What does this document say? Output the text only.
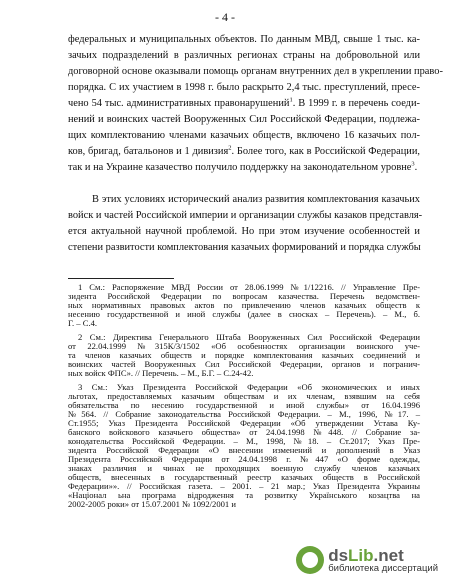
- 4 -
федеральных и муниципальных объектов. По данным МВД, свыше 1 тыс. ка-
зачьих подразделений в различных регионах страны на добровольной или
договорной основе оказывали помощь органам внутренних дел в укреплении право-
порядка. С их участием в 1998 г. было раскрыто 2,4 тыс. преступлений, пресе-
чено 54 тыс. административных правонарушений$^1$. В 1999 г. в перечень соеди-
нений и воинских частей Вооруженных Сил Российской Федерации, подлежа-
щих комплектованию членами казачьих обществ, включено 16 казачьих пол-
ков, бригад, батальонов и 1 дивизия$^2$. Более того, как в Российской Федерации,
так и на Украине казачество получило поддержку на законодательном уровне$^3$.
В этих условиях исторический анализ развития комплектования казачьих
войск и частей Российской империи и организации службы казаков представля-
ется актуальной научной проблемой. Но при этом изучение особенностей и
степени развитости комплектования казачьих формирований и порядка службы
1 См.: Распоряжение МВД России от 28.06.1999 №1/12216. // Управление Пре-
зидента Российской Федерации по вопросам казачества. Перечень ведомствен-
ных нормативных правовых актов по привлечению членов казачьих обществ к
несению государственной и иной службы (далее в сносках – Перечень). – М., б.
Г. – С.4.
2 См.: Директива Генерального Штаба Вооруженных Сил Российской Федерации
от 22.04.1999 №315К/3/1502 «Об особенностях организации воинского уче-
та членов казачьих обществ и порядке комплектования казачьих соединений и
воинских частей Вооруженных Сил Российской Федерации, органов и погранич-
ных войск ФПС». // Перечень. – М., Б.Г. – С.24-42.
3 См.: Указ Президента Российской Федерации «Об экономических и иных
льготах, предоставляемых казачьим обществам и их членам, взявшим на себя
обязательства по несению государственной и иной службы» от 16.04.1996
№564. // Собрание законодательства Российской Федерации. – М., 1996, №17. –
Ст.1955; Указ Президента Российской Федерации «Об утверждении Устава Ку-
банского войскового казачьего общества» от 24.04.1998 №448. // Собрание за-
конодательства Российской Федерации. – М., 1998, №18. – Ст.2017; Указ Пре-
зидента Российской Федерации «О внесении изменений и дополнений в Указ
Президента Российской Федерации от 24.04.1998 г. №447 «О форме одежды,
знаках различия и чинах не проходящих военную службу членов казачьих
обществ, внесенных в государственный реестр казачьих обществ в Российской
Федерации»». // Российская газета. – 2001. – 21 мар.; Указ Президента Украины
«Націонал ьна програма відродження та розвитку Українського козацтва на
2002-2005 роки» от 15.07.2001 № 1092/2001 и
dsLib.net
библиотека диссертаций
